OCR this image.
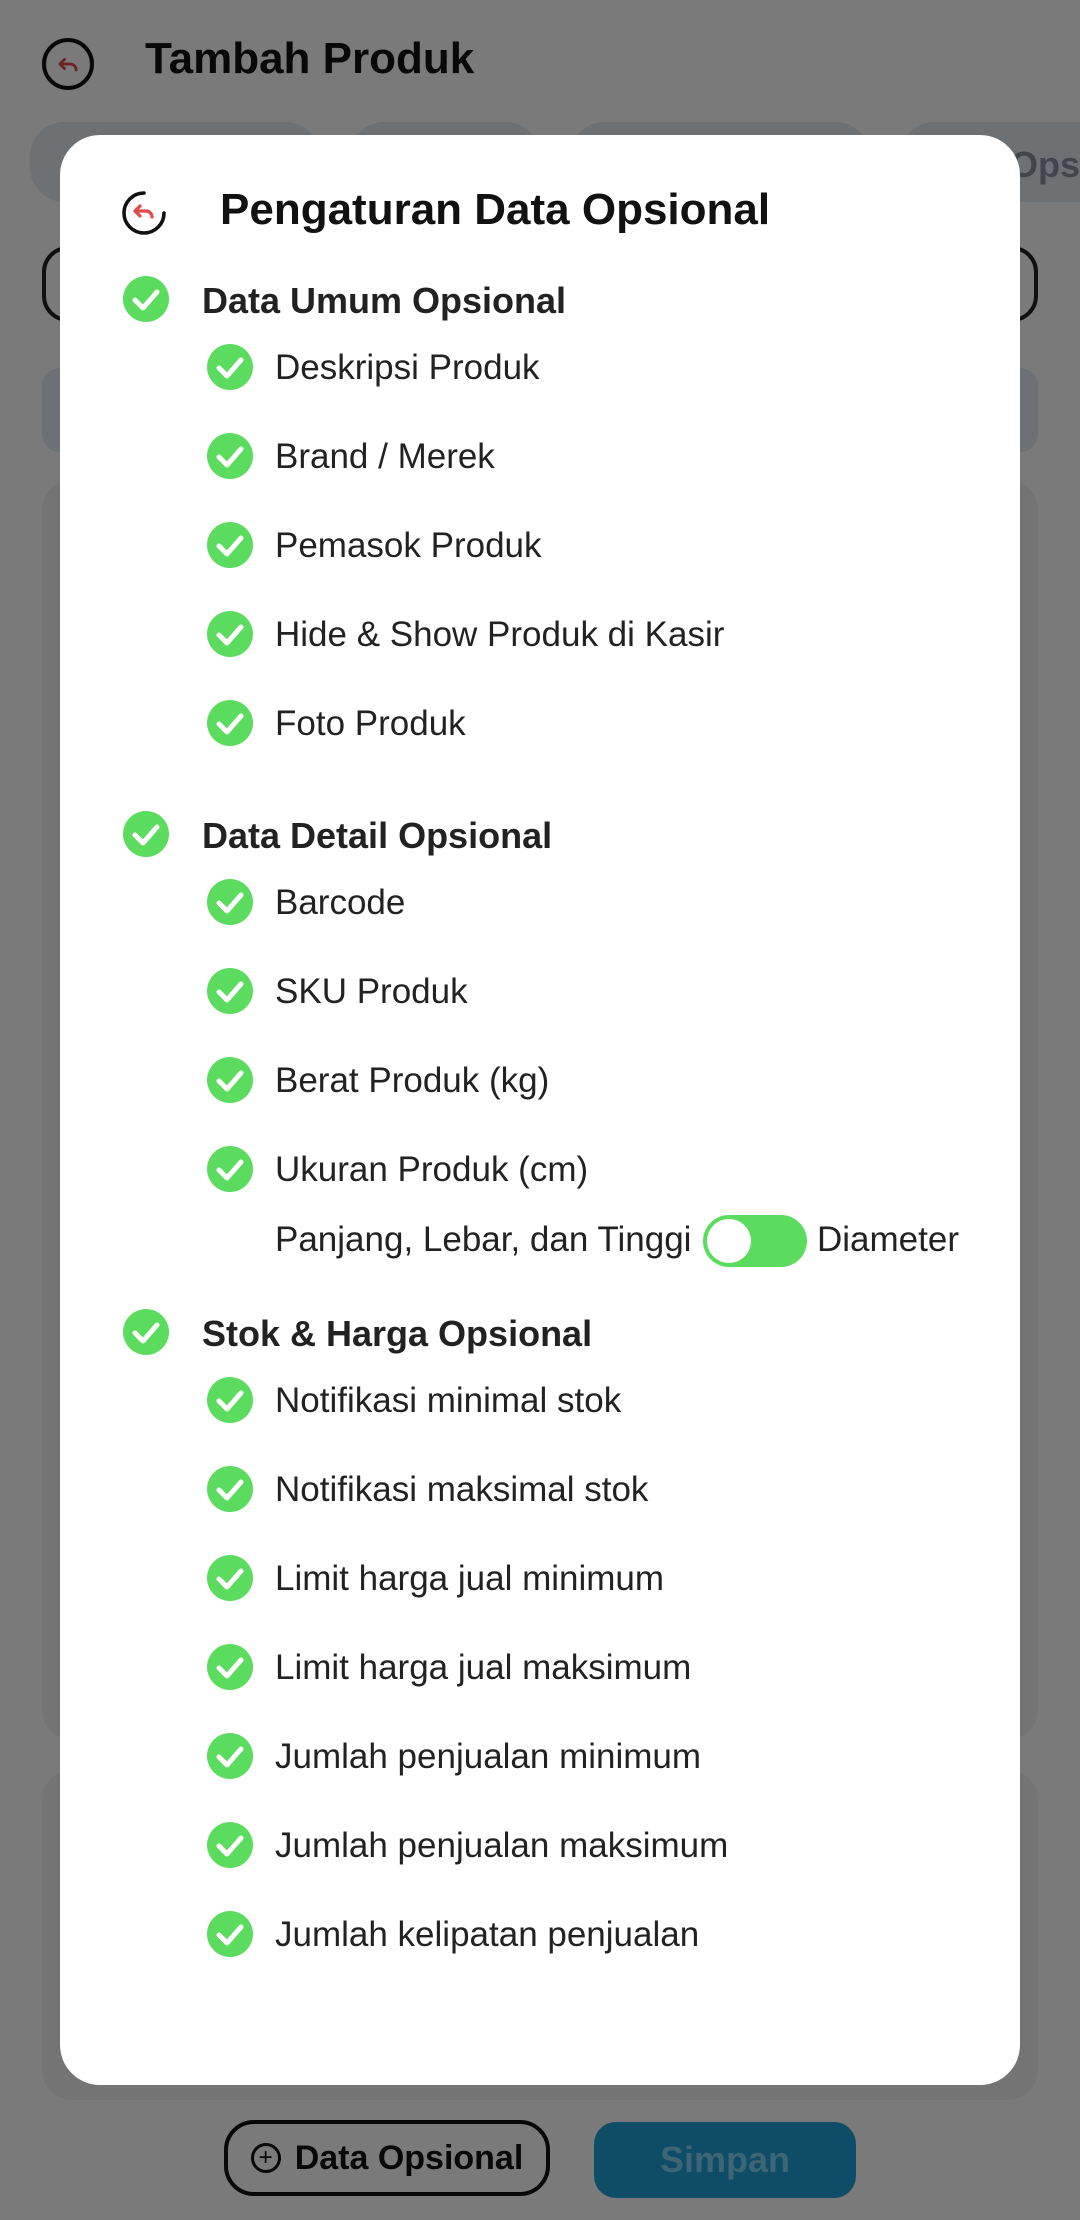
Pengaturan Data Opsional
Data Umum Opsional
Deskripsi Produk
Brand / Merek
Pemasok Produk
Hide & Show Produk di Kasir
Foto Produk
Data Detail Opsional
Barcode
SKU Produk
Berat Produk (kg)
Ukuran Produk (cm)
Stok & Harga Opsional
Notifikasi minimal stok
Notifikasi maksimal stok
Limit harga jual minimum
Limit harga jual maksimum
Jumlah penjualan minimum
Jumlah penjualan maksimum
Jumlah kelipatan penjualan
Panjang, Lebar, dan Tinggi	Diameter
